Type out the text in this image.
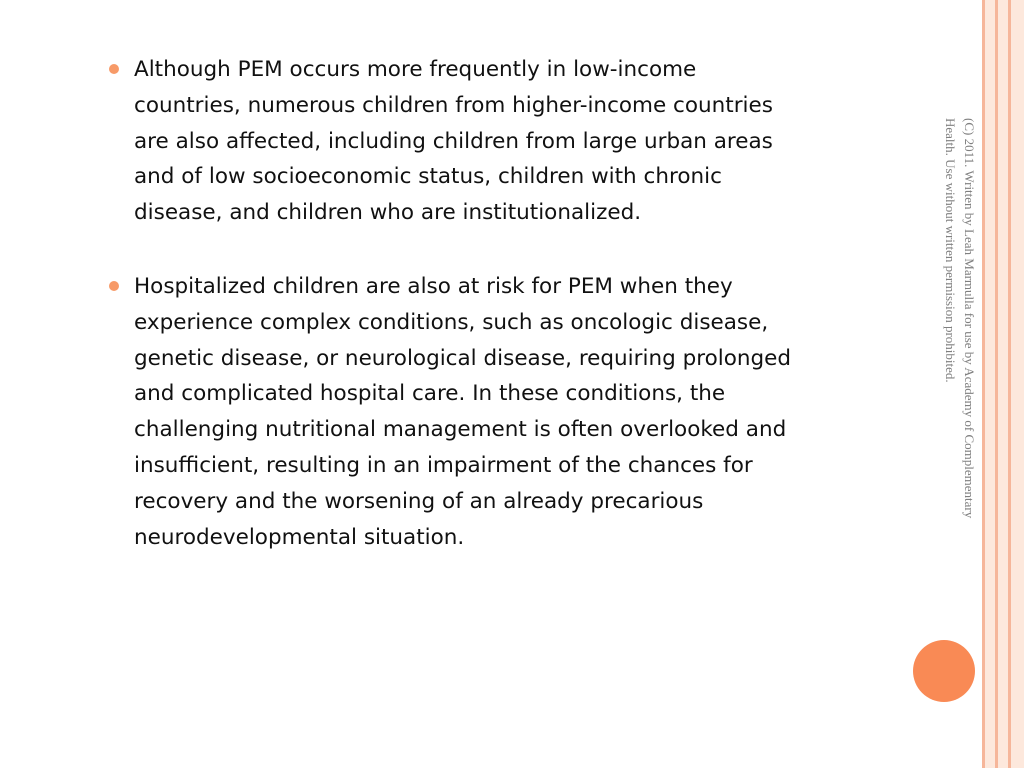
Although PEM occurs more frequently in low-income
countries, numerous children from higher-income countries
are also affected, including children from large urban areas
and of low socioeconomic status, children with chronic
disease, and children who are institutionalized.
Hospitalized children are also at risk for PEM when they
experience complex conditions, such as oncologic disease,
genetic disease, or neurological disease, requiring prolonged
and complicated hospital care. In these conditions, the
challenging nutritional management is often overlooked and
insufficient, resulting in an impairment of the chances for
recovery and the worsening of an already precarious
neurodevelopmental situation.
(C) 2011. Written by Leah Marmulla for use by Academy of Complementary
Health. Use without written permission prohibited.
